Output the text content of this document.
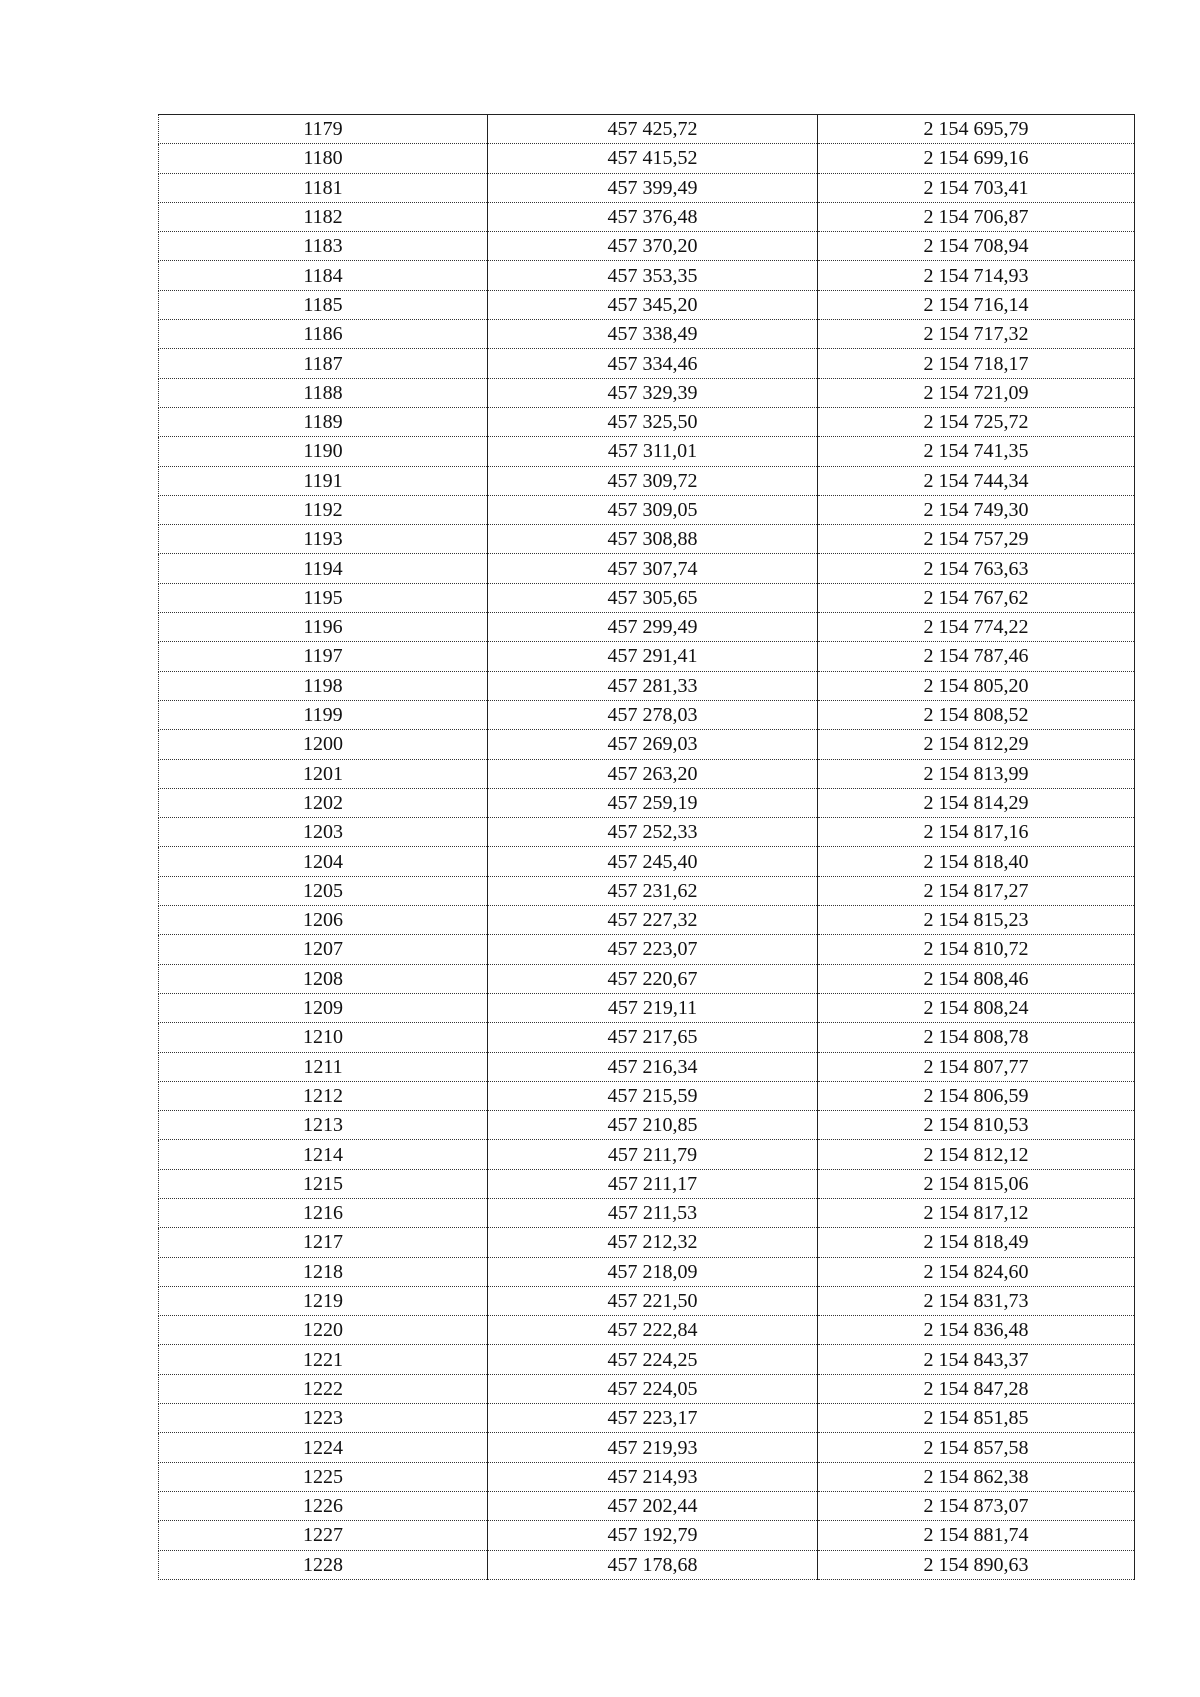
1179	457 425,72	2 154 695,79
1180	457 415,52	2 154 699,16
1181	457 399,49	2 154 703,41
1182	457 376,48	2 154 706,87
1183	457 370,20	2 154 708,94
1184	457 353,35	2 154 714,93
1185	457 345,20	2 154 716,14
1186	457 338,49	2 154 717,32
1187	457 334,46	2 154 718,17
1188	457 329,39	2 154 721,09
1189	457 325,50	2 154 725,72
1190	457 311,01	2 154 741,35
1191	457 309,72	2 154 744,34
1192	457 309,05	2 154 749,30
1193	457 308,88	2 154 757,29
1194	457 307,74	2 154 763,63
1195	457 305,65	2 154 767,62
1196	457 299,49	2 154 774,22
1197	457 291,41	2 154 787,46
1198	457 281,33	2 154 805,20
1199	457 278,03	2 154 808,52
1200	457 269,03	2 154 812,29
1201	457 263,20	2 154 813,99
1202	457 259,19	2 154 814,29
1203	457 252,33	2 154 817,16
1204	457 245,40	2 154 818,40
1205	457 231,62	2 154 817,27
1206	457 227,32	2 154 815,23
1207	457 223,07	2 154 810,72
1208	457 220,67	2 154 808,46
1209	457 219,11	2 154 808,24
1210	457 217,65	2 154 808,78
1211	457 216,34	2 154 807,77
1212	457 215,59	2 154 806,59
1213	457 210,85	2 154 810,53
1214	457 211,79	2 154 812,12
1215	457 211,17	2 154 815,06
1216	457 211,53	2 154 817,12
1217	457 212,32	2 154 818,49
1218	457 218,09	2 154 824,60
1219	457 221,50	2 154 831,73
1220	457 222,84	2 154 836,48
1221	457 224,25	2 154 843,37
1222	457 224,05	2 154 847,28
1223	457 223,17	2 154 851,85
1224	457 219,93	2 154 857,58
1225	457 214,93	2 154 862,38
1226	457 202,44	2 154 873,07
1227	457 192,79	2 154 881,74
1228	457 178,68	2 154 890,63
